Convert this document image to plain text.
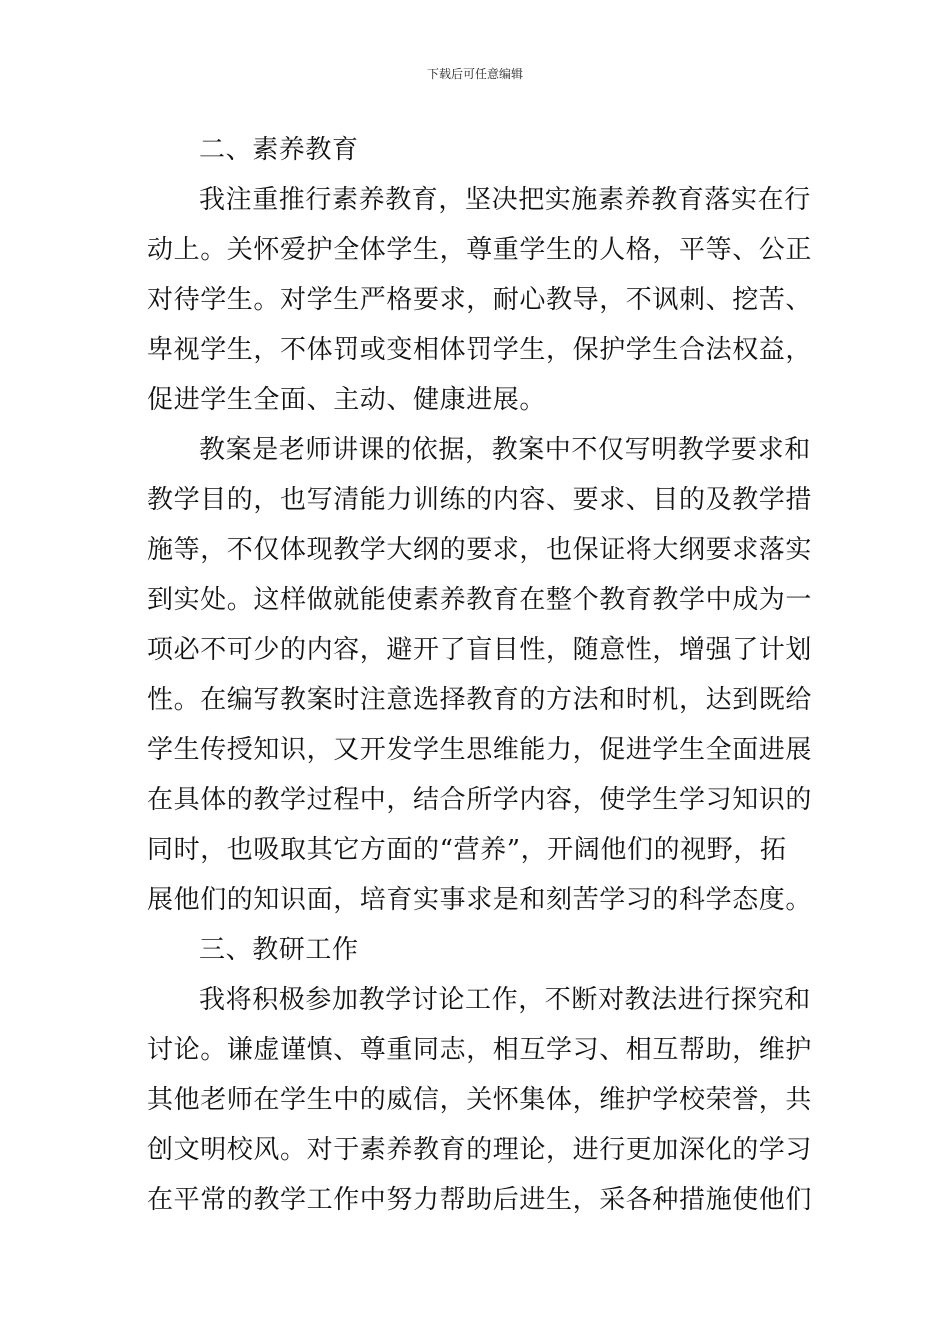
下载后可任意编辑
二、素养教育
我注重推行素养教育，坚决把实施素养教育落实在行
动上。关怀爱护全体学生，尊重学生的人格，平等、公正
对待学生。对学生严格要求，耐心教导，不讽刺、挖苦、
卑视学生，不体罚或变相体罚学生，保护学生合法权益，
促进学生全面、主动、健康进展。
教案是老师讲课的依据，教案中不仅写明教学要求和
教学目的，也写清能力训练的内容、要求、目的及教学措
施等，不仅体现教学大纲的要求，也保证将大纲要求落实
到实处。这样做就能使素养教育在整个教育教学中成为一
项必不可少的内容，避开了盲目性，随意性，增强了计划
性。在编写教案时注意选择教育的方法和时机，达到既给
学生传授知识，又开发学生思维能力，促进学生全面进展
在具体的教学过程中，结合所学内容，使学生学习知识的
同时，也吸取其它方面的“营养”，开阔他们的视野，拓
展他们的知识面，培育实事求是和刻苦学习的科学态度。
三、教研工作
我将积极参加教学讨论工作，不断对教法进行探究和
讨论。谦虚谨慎、尊重同志，相互学习、相互帮助，维护
其他老师在学生中的威信，关怀集体，维护学校荣誉，共
创文明校风。对于素养教育的理论，进行更加深化的学习
在平常的教学工作中努力帮助后进生，采各种措施使他们
